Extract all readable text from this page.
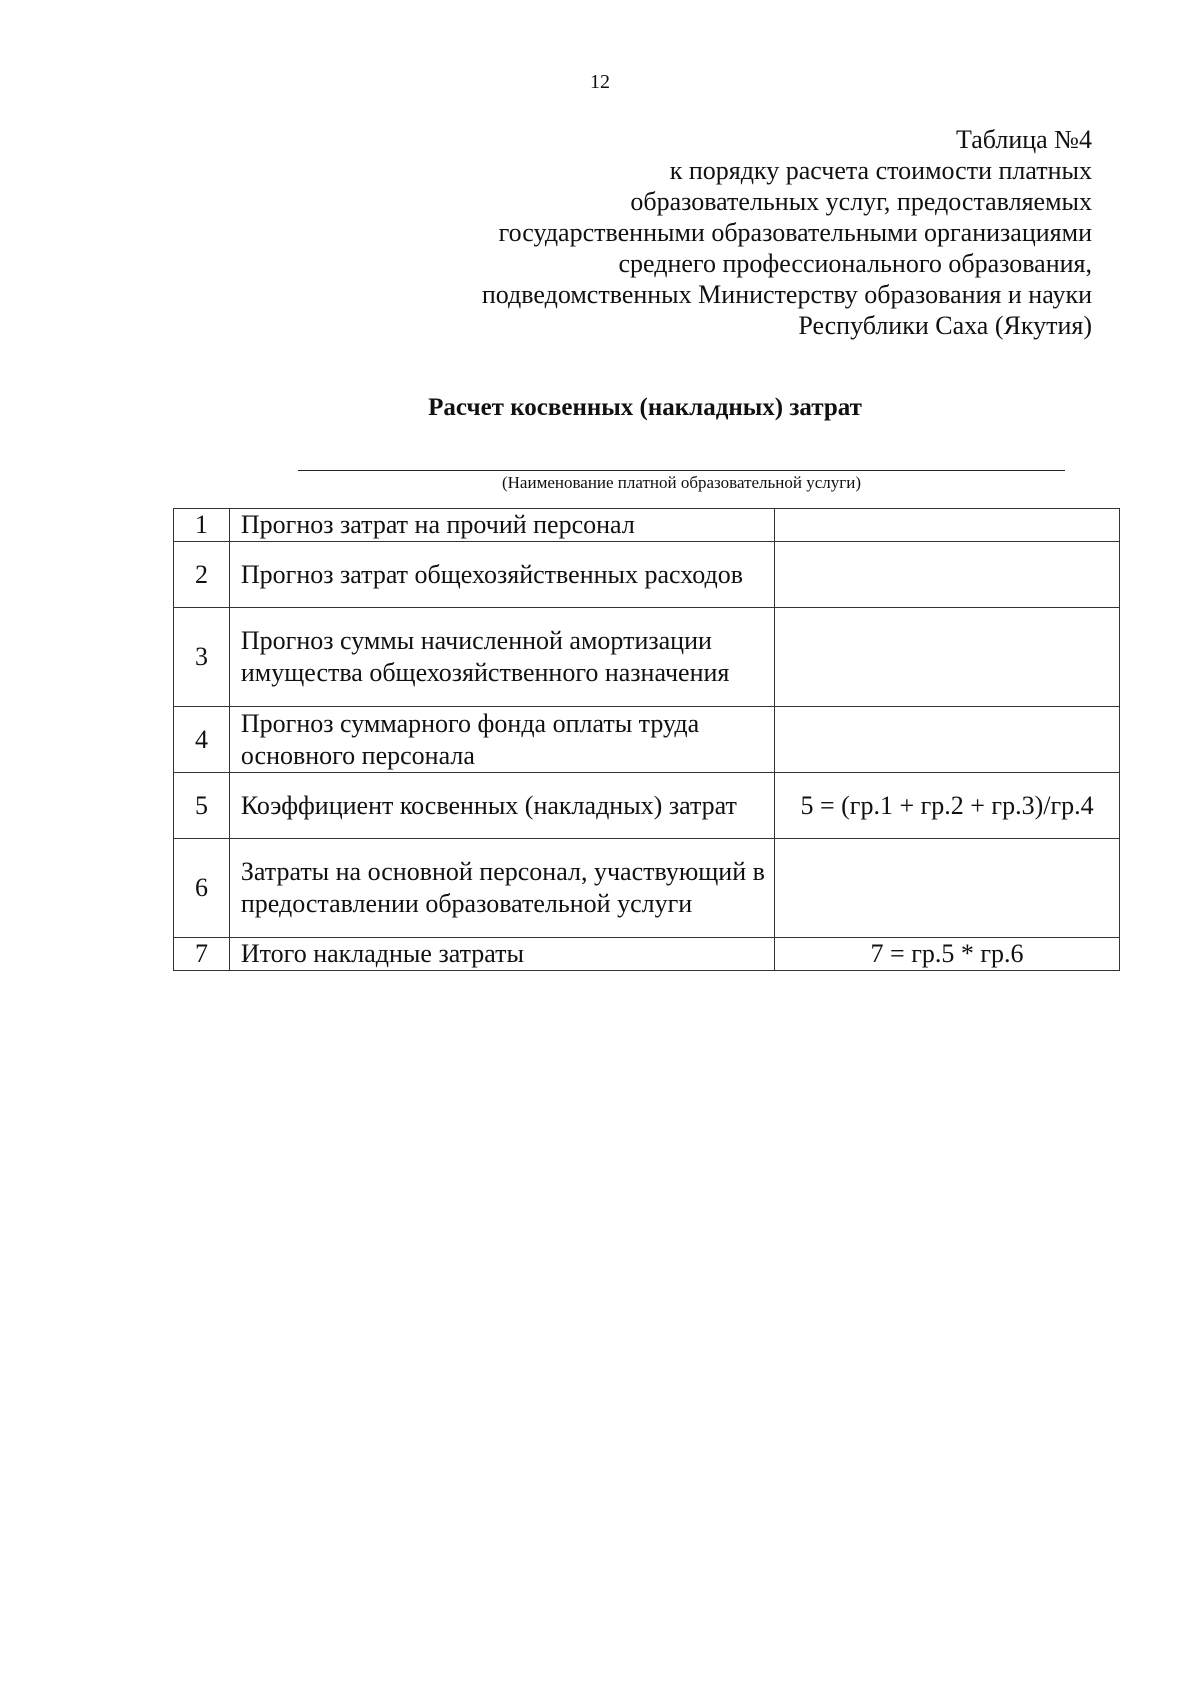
12
Таблица №4
к порядку расчета стоимости платных
образовательных услуг, предоставляемых
государственными образовательными организациями
среднего профессионального образования,
подведомственных Министерству образования и науки
Республики Саха (Якутия)
Расчет косвенных (накладных) затрат
(Наименование платной образовательной услуги)
1	Прогноз затрат на прочий персонал	

2	Прогноз затрат общехозяйственных расходов	

3	Прогноз суммы начисленной амортизации имущества общехозяйственного назначения	

4	Прогноз суммарного фонда оплаты труда основного персонала	

5	Коэффициент косвенных (накладных) затрат	5 = (гр.1 + гр.2 + гр.3)/гр.4
6	Затраты на основной персонал, участвующий в предоставлении образовательной услуги	

7	Итого накладные затраты	7 = гр.5 * гр.6
